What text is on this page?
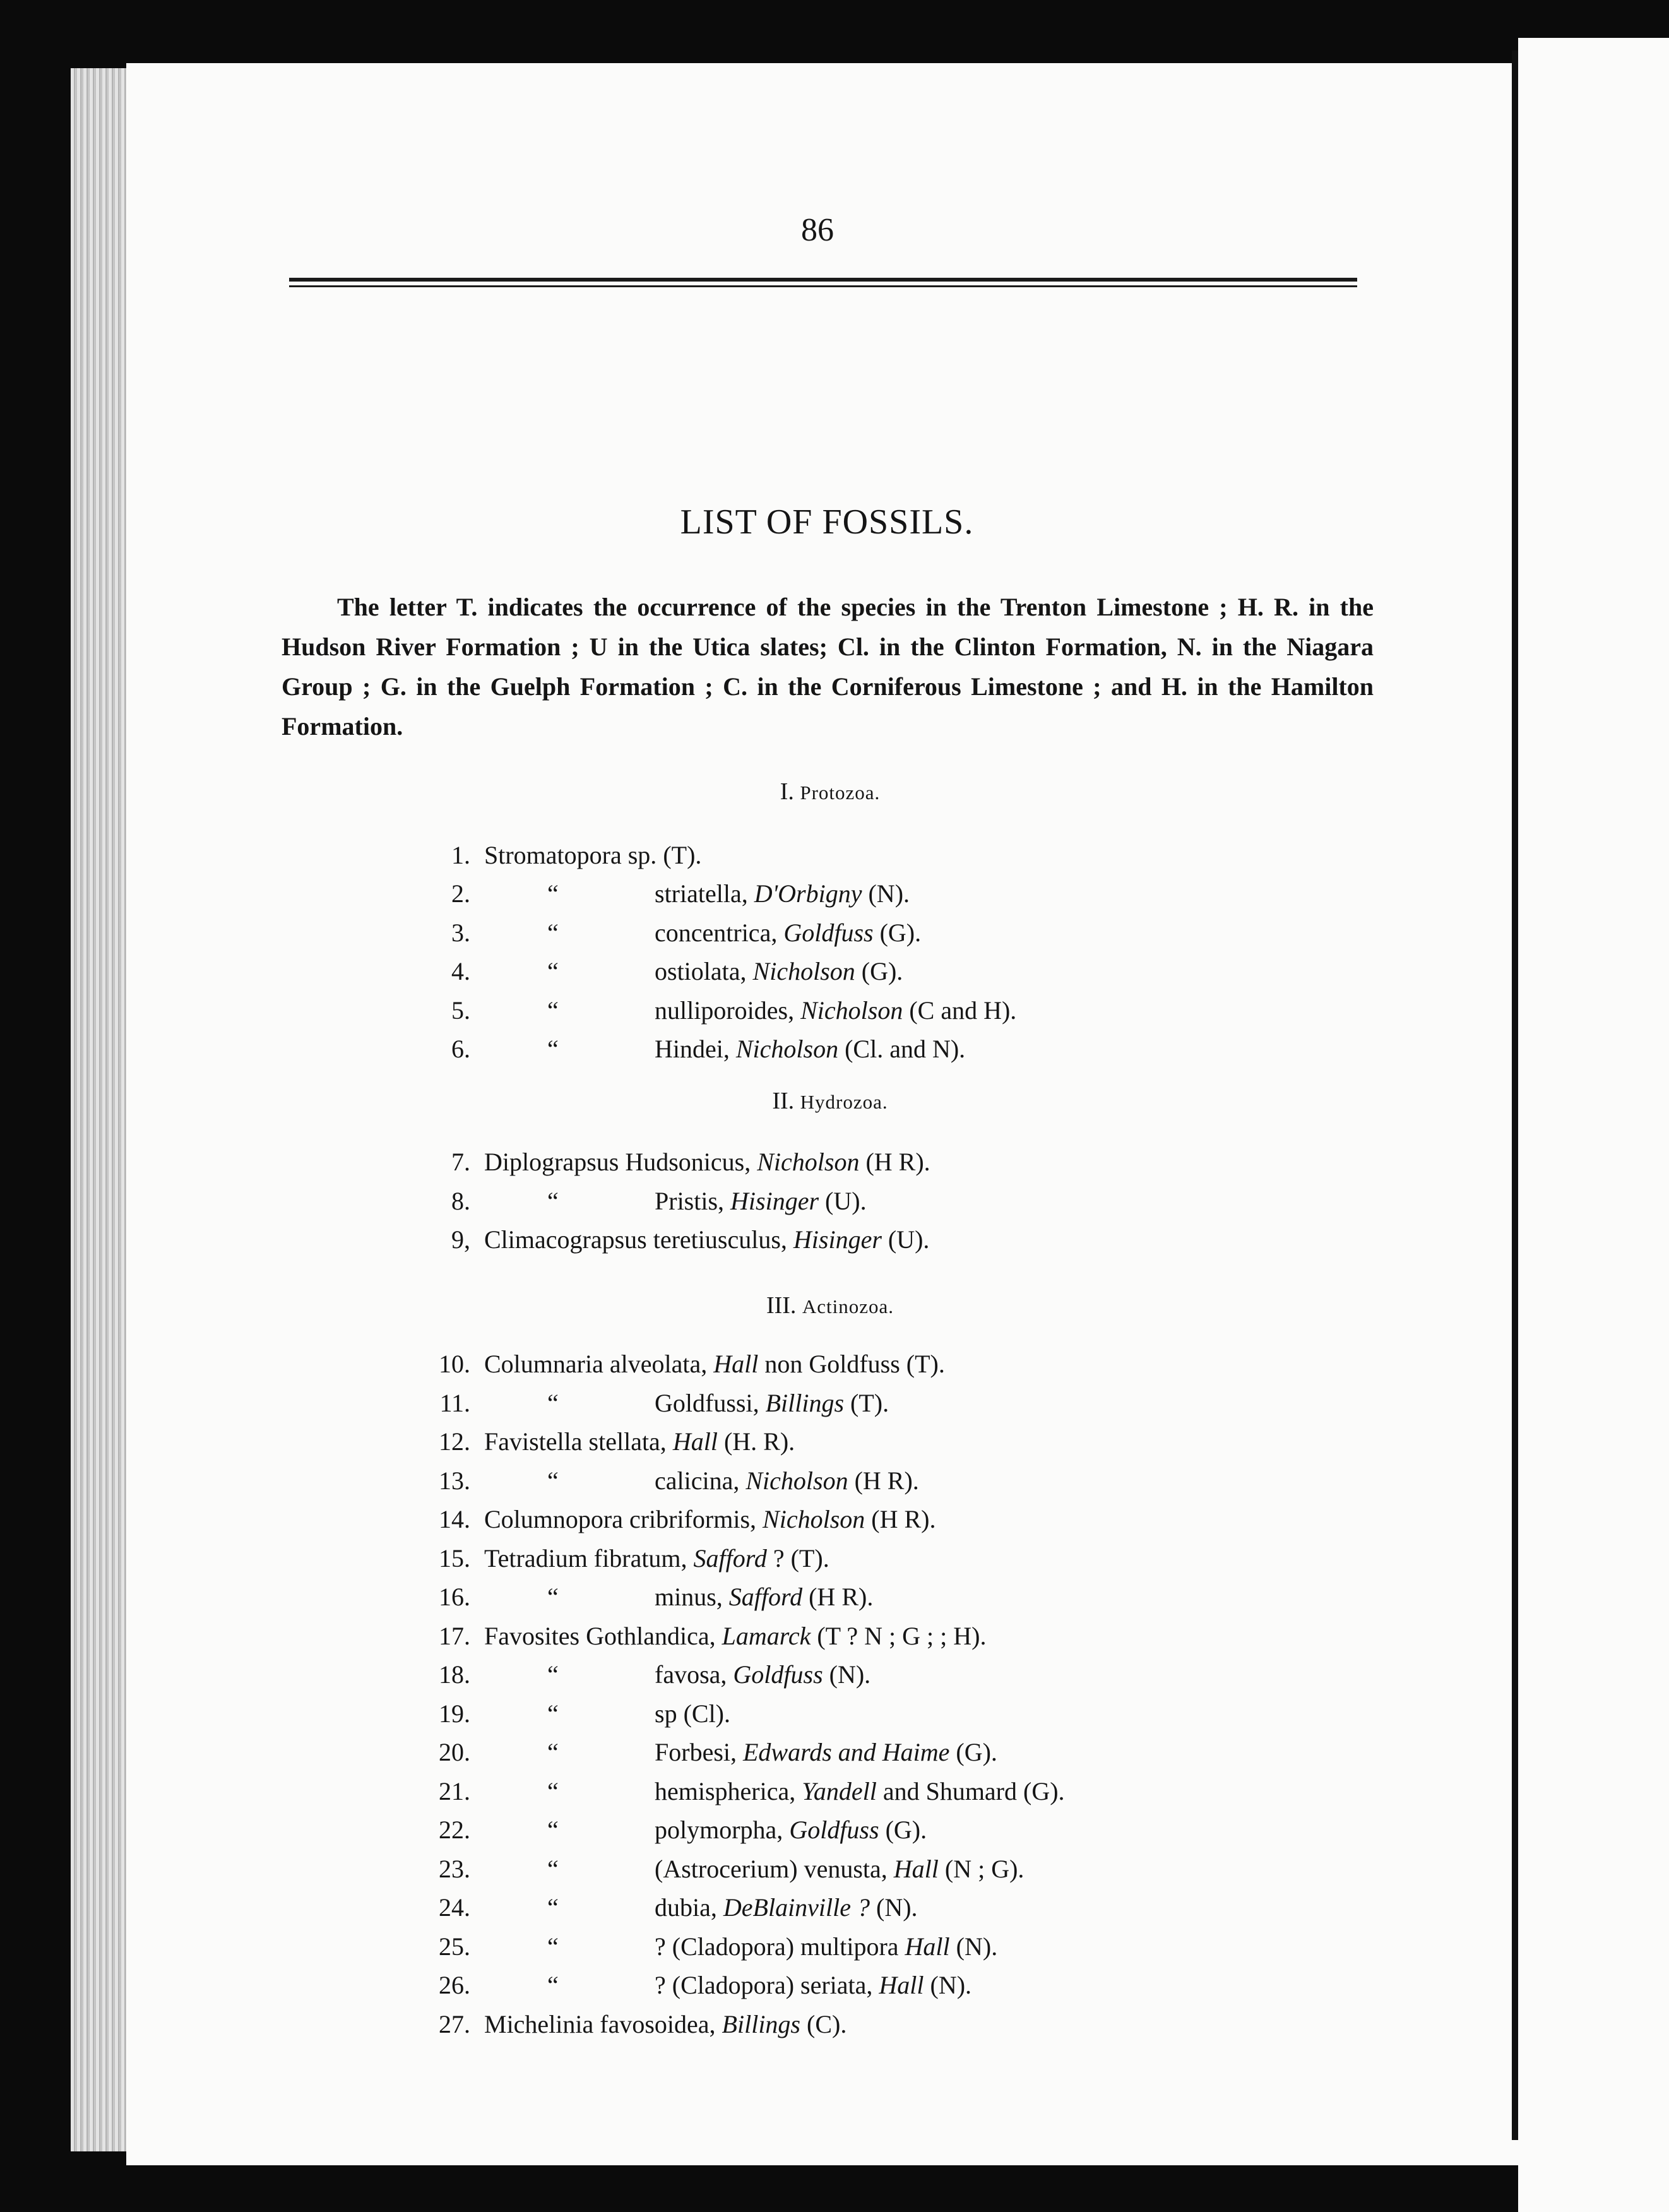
86
LIST OF FOSSILS.
The letter T. indicates the occurrence of the species in the Trenton Limestone ; H. R. in the Hudson River Formation ; U in the Utica slates; Cl. in the Clinton Formation, N. in the Niagara Group ; G. in the Guelph Formation ; C. in the Corniferous Limestone ; and H. in the Hamilton Formation.
I. Protozoa.
II. Hydrozoa.
III. Actinozoa.
1. Stromatopora sp. (T).
2.	“	striatella, D'Orbigny (N).
3.	“	concentrica, Goldfuss (G).
4.	“	ostiolata, Nicholson (G).
5.	“	nulliporoides, Nicholson (C and H).
6.	“	Hindei, Nicholson (Cl. and N).
7. Diplograpsus Hudsonicus, Nicholson (H R).
8.	“	Pristis, Hisinger (U).
9, Climacograpsus teretiusculus, Hisinger (U).
10. Columnaria alveolata, Hall non Goldfuss (T).
11.	“	Goldfussi, Billings (T).
12. Favistella stellata, Hall (H. R).
13.	“	calicina, Nicholson (H R).
14. Columnopora cribriformis, Nicholson (H R).
15. Tetradium fibratum, Safford ? (T).
16.	“	minus, Safford (H R).
17. Favosites Gothlandica, Lamarck (T ? N ; G ; ; H).
18.	“	favosa, Goldfuss (N).
19.	“	sp (Cl).
20.	“	Forbesi, Edwards and Haime (G).
21.	“	hemispherica, Yandell and Shumard (G).
22.	“	polymorpha, Goldfuss (G).
23.	“	(Astrocerium) venusta, Hall (N ; G).
24.	“	dubia, DeBlainville ? (N).
25.	“	? (Cladopora) multipora Hall (N).
26.	“	? (Cladopora) seriata, Hall (N).
27. Michelinia favosoidea, Billings (C).
